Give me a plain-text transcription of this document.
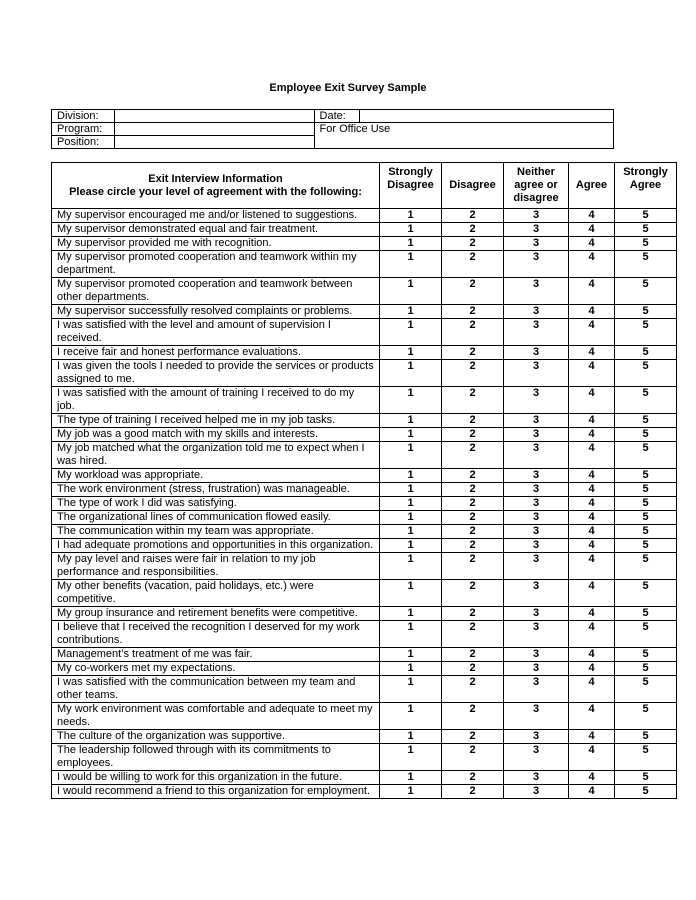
Employee Exit Survey Sample
Division:		Date:	
Program:		For Office Use	
Position:			
Exit Interview Information
Please circle your level of agreement with the following:	Strongly Disagree	Disagree	Neither agree or disagree	Agree	Strongly Agree
My supervisor encouraged me and/or listened to suggestions.	1	2	3	4	5
My supervisor demonstrated equal and fair treatment.	1	2	3	4	5
My supervisor provided me with recognition.	1	2	3	4	5
My supervisor promoted cooperation and teamwork within my department.	1	2	3	4	5
My supervisor promoted cooperation and teamwork between other departments.	1	2	3	4	5
My supervisor successfully resolved complaints or problems.	1	2	3	4	5
I was satisfied with the level and amount of supervision I received.	1	2	3	4	5
I receive fair and honest performance evaluations.	1	2	3	4	5
I was given the tools I needed to provide the services or products assigned to me.	1	2	3	4	5
I was satisfied with the amount of training I received to do my job.	1	2	3	4	5
The type of training I received helped me in my job tasks.	1	2	3	4	5
My job was a good match with my skills and interests.	1	2	3	4	5
My job matched what the organization told me to expect when I was hired.	1	2	3	4	5
My workload was appropriate.	1	2	3	4	5
The work environment (stress, frustration) was manageable.	1	2	3	4	5
The type of work I did was satisfying.	1	2	3	4	5
The organizational lines of communication flowed easily.	1	2	3	4	5
The communication within my team was appropriate.	1	2	3	4	5
I had adequate promotions and opportunities in this organization.	1	2	3	4	5
My pay level and raises were fair in relation to my job performance and responsibilities.	1	2	3	4	5
My other benefits (vacation, paid holidays, etc.) were competitive.	1	2	3	4	5
My group insurance and retirement benefits were competitive.	1	2	3	4	5
I believe that I received the recognition I deserved for my work contributions.	1	2	3	4	5
Management’s treatment of me was fair.	1	2	3	4	5
My co-workers met my expectations.	1	2	3	4	5
I was satisfied with the communication between my team and other teams.	1	2	3	4	5
My work environment was comfortable and adequate to meet my needs.	1	2	3	4	5
The culture of the organization was supportive.	1	2	3	4	5
The leadership followed through with its commitments to employees.	1	2	3	4	5
I would be willing to work for this organization in the future.	1	2	3	4	5
I would recommend a friend to this organization for employment.	1	2	3	4	5
